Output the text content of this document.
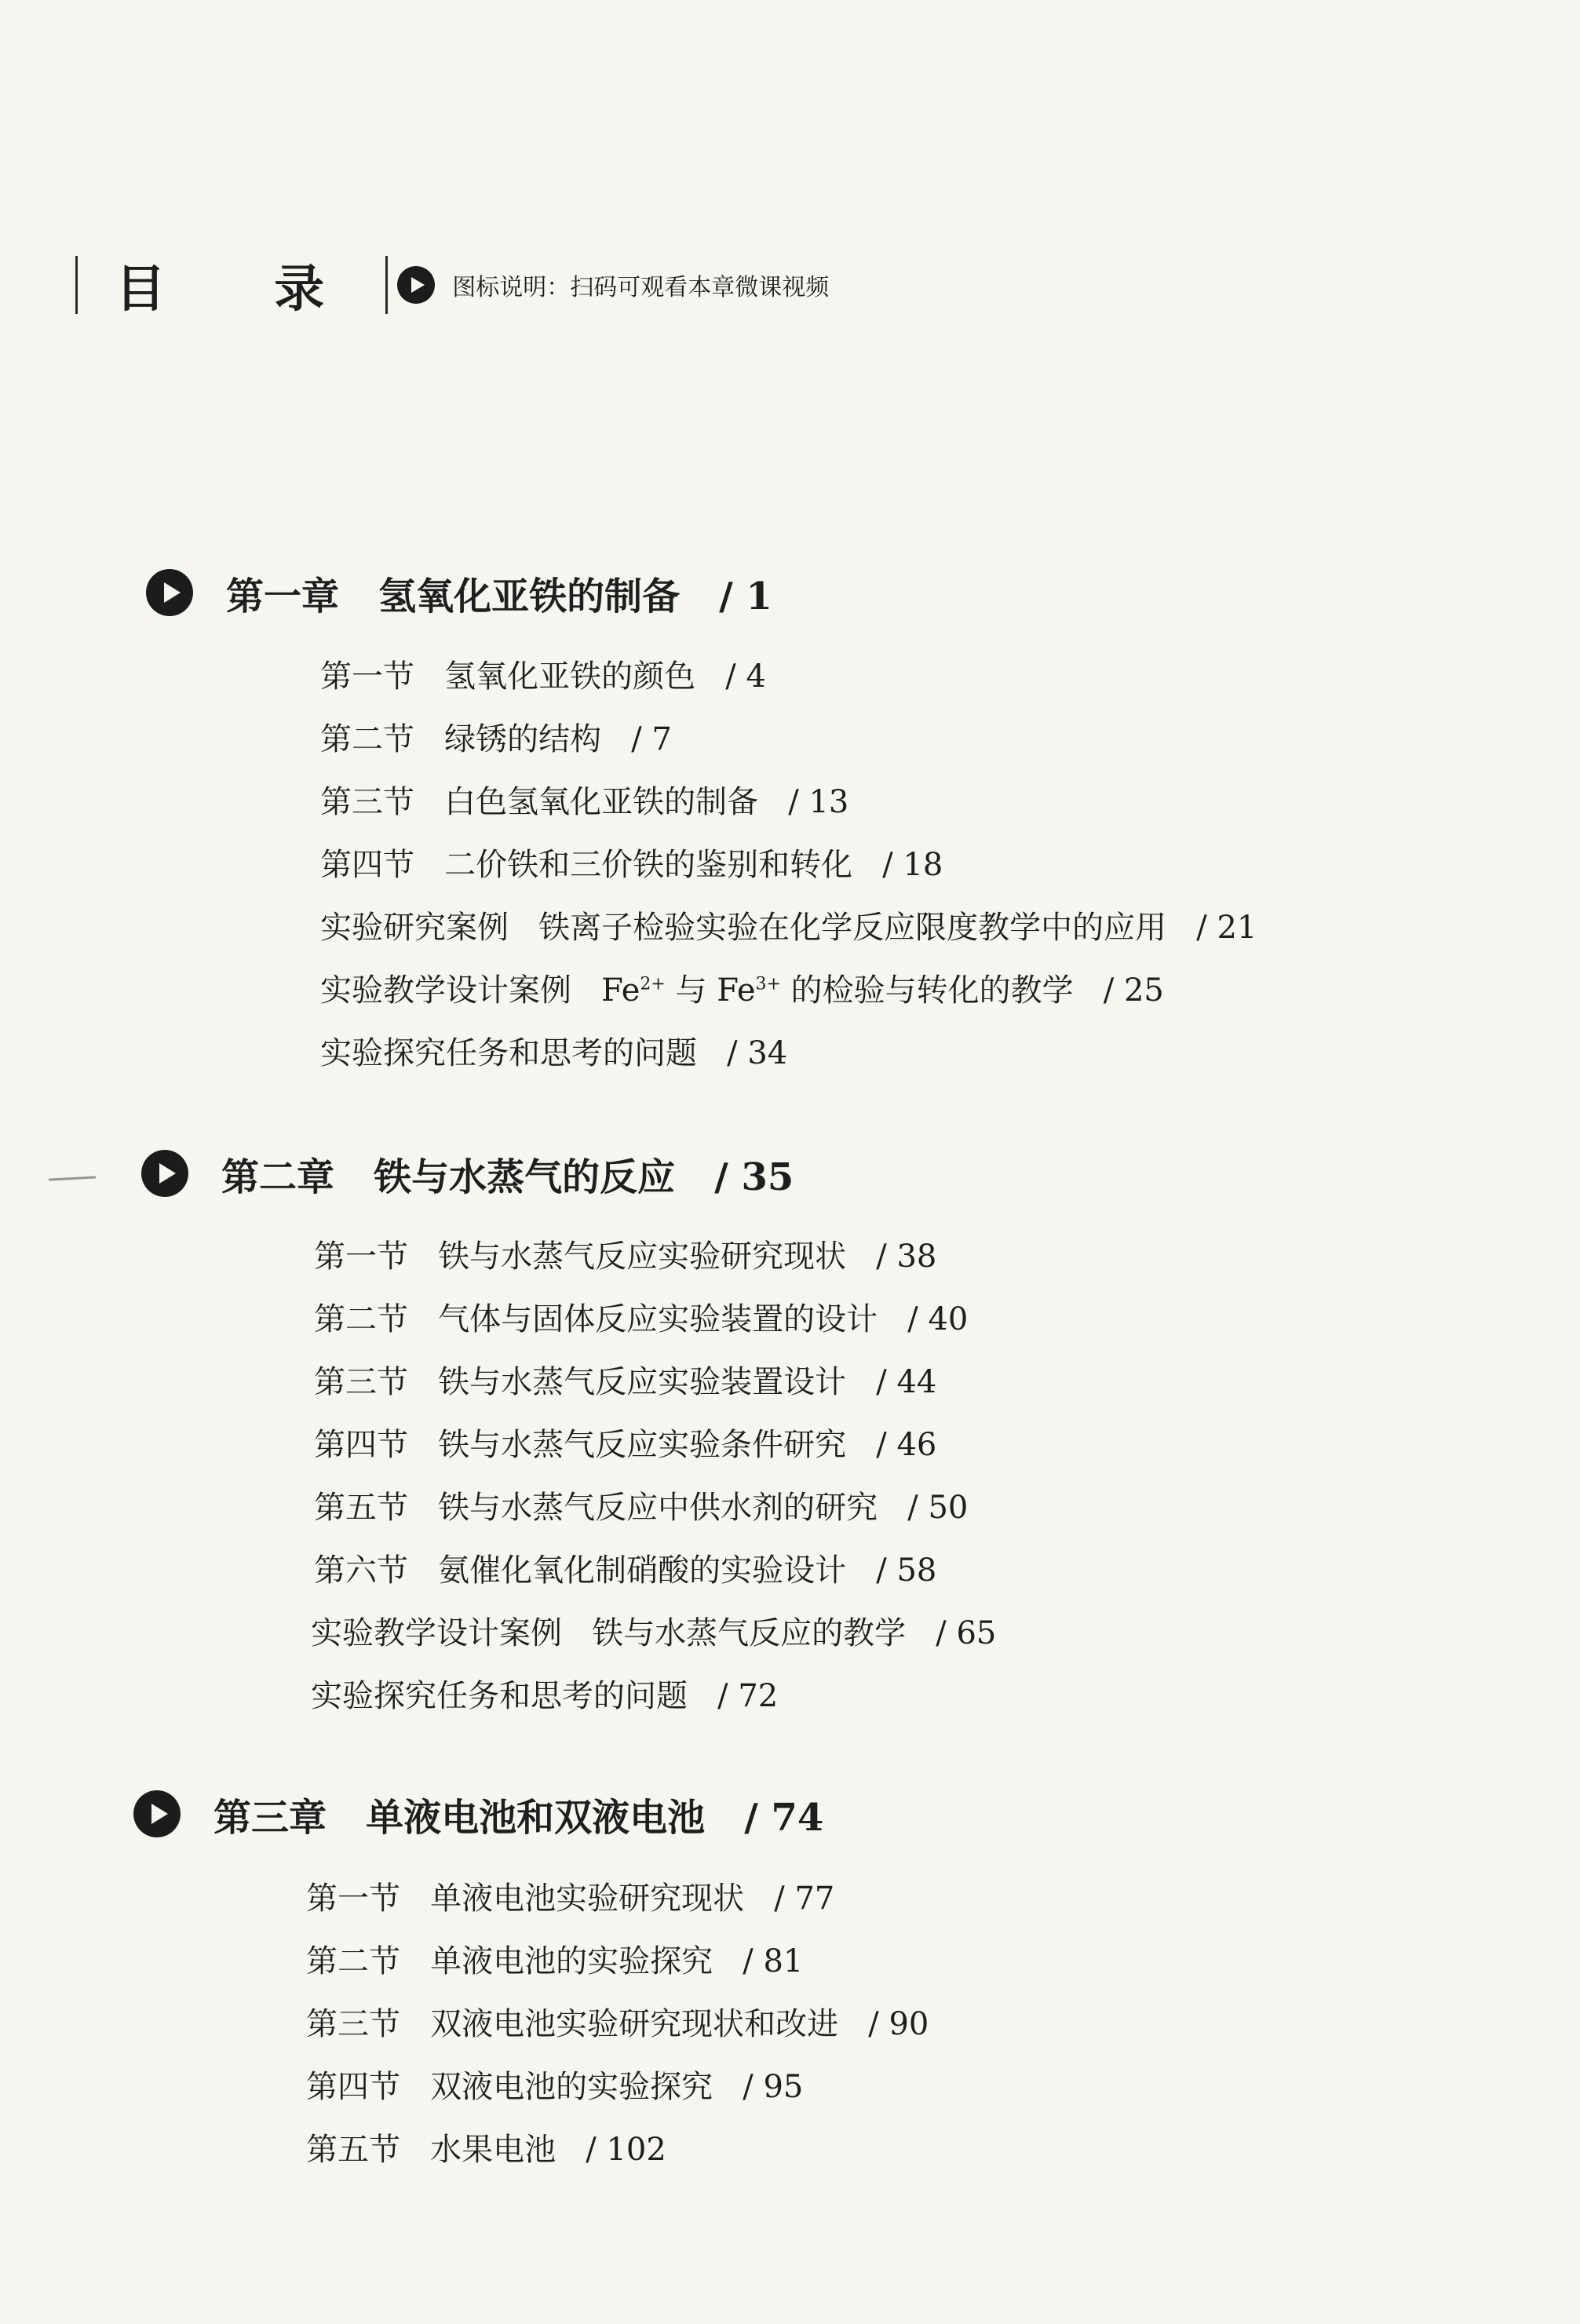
目 录	图标说明：扫码可观看本章微课视频
第一章   氢氧化亚铁的制备 / 1
第一节   氢氧化亚铁的颜色   / 4
第二节   绿锈的结构   / 7
第三节   白色氢氧化亚铁的制备   / 13
第四节   二价铁和三价铁的鉴别和转化   / 18
实验研究案例   铁离子检验实验在化学反应限度教学中的应用   / 21
实验教学设计案例   $Fe^{2+}$ 与 $Fe^{3+}$ 的检验与转化的教学   / 25
实验探究任务和思考的问题   / 34
第二章   铁与水蒸气的反应 / 35
第一节   铁与水蒸气反应实验研究现状   / 38
第二节   气体与固体反应实验装置的设计   / 40
第三节   铁与水蒸气反应实验装置设计   / 44
第四节   铁与水蒸气反应实验条件研究   / 46
第五节   铁与水蒸气反应中供水剂的研究   / 50
第六节   氨催化氧化制硝酸的实验设计   / 58
实验教学设计案例   铁与水蒸气反应的教学   / 65
实验探究任务和思考的问题   / 72
第三章   单液电池和双液电池 / 74
第一节   单液电池实验研究现状   / 77
第二节   单液电池的实验探究   / 81
第三节   双液电池实验研究现状和改进   / 90
第四节   双液电池的实验探究   / 95
第五节   水果电池   / 102
